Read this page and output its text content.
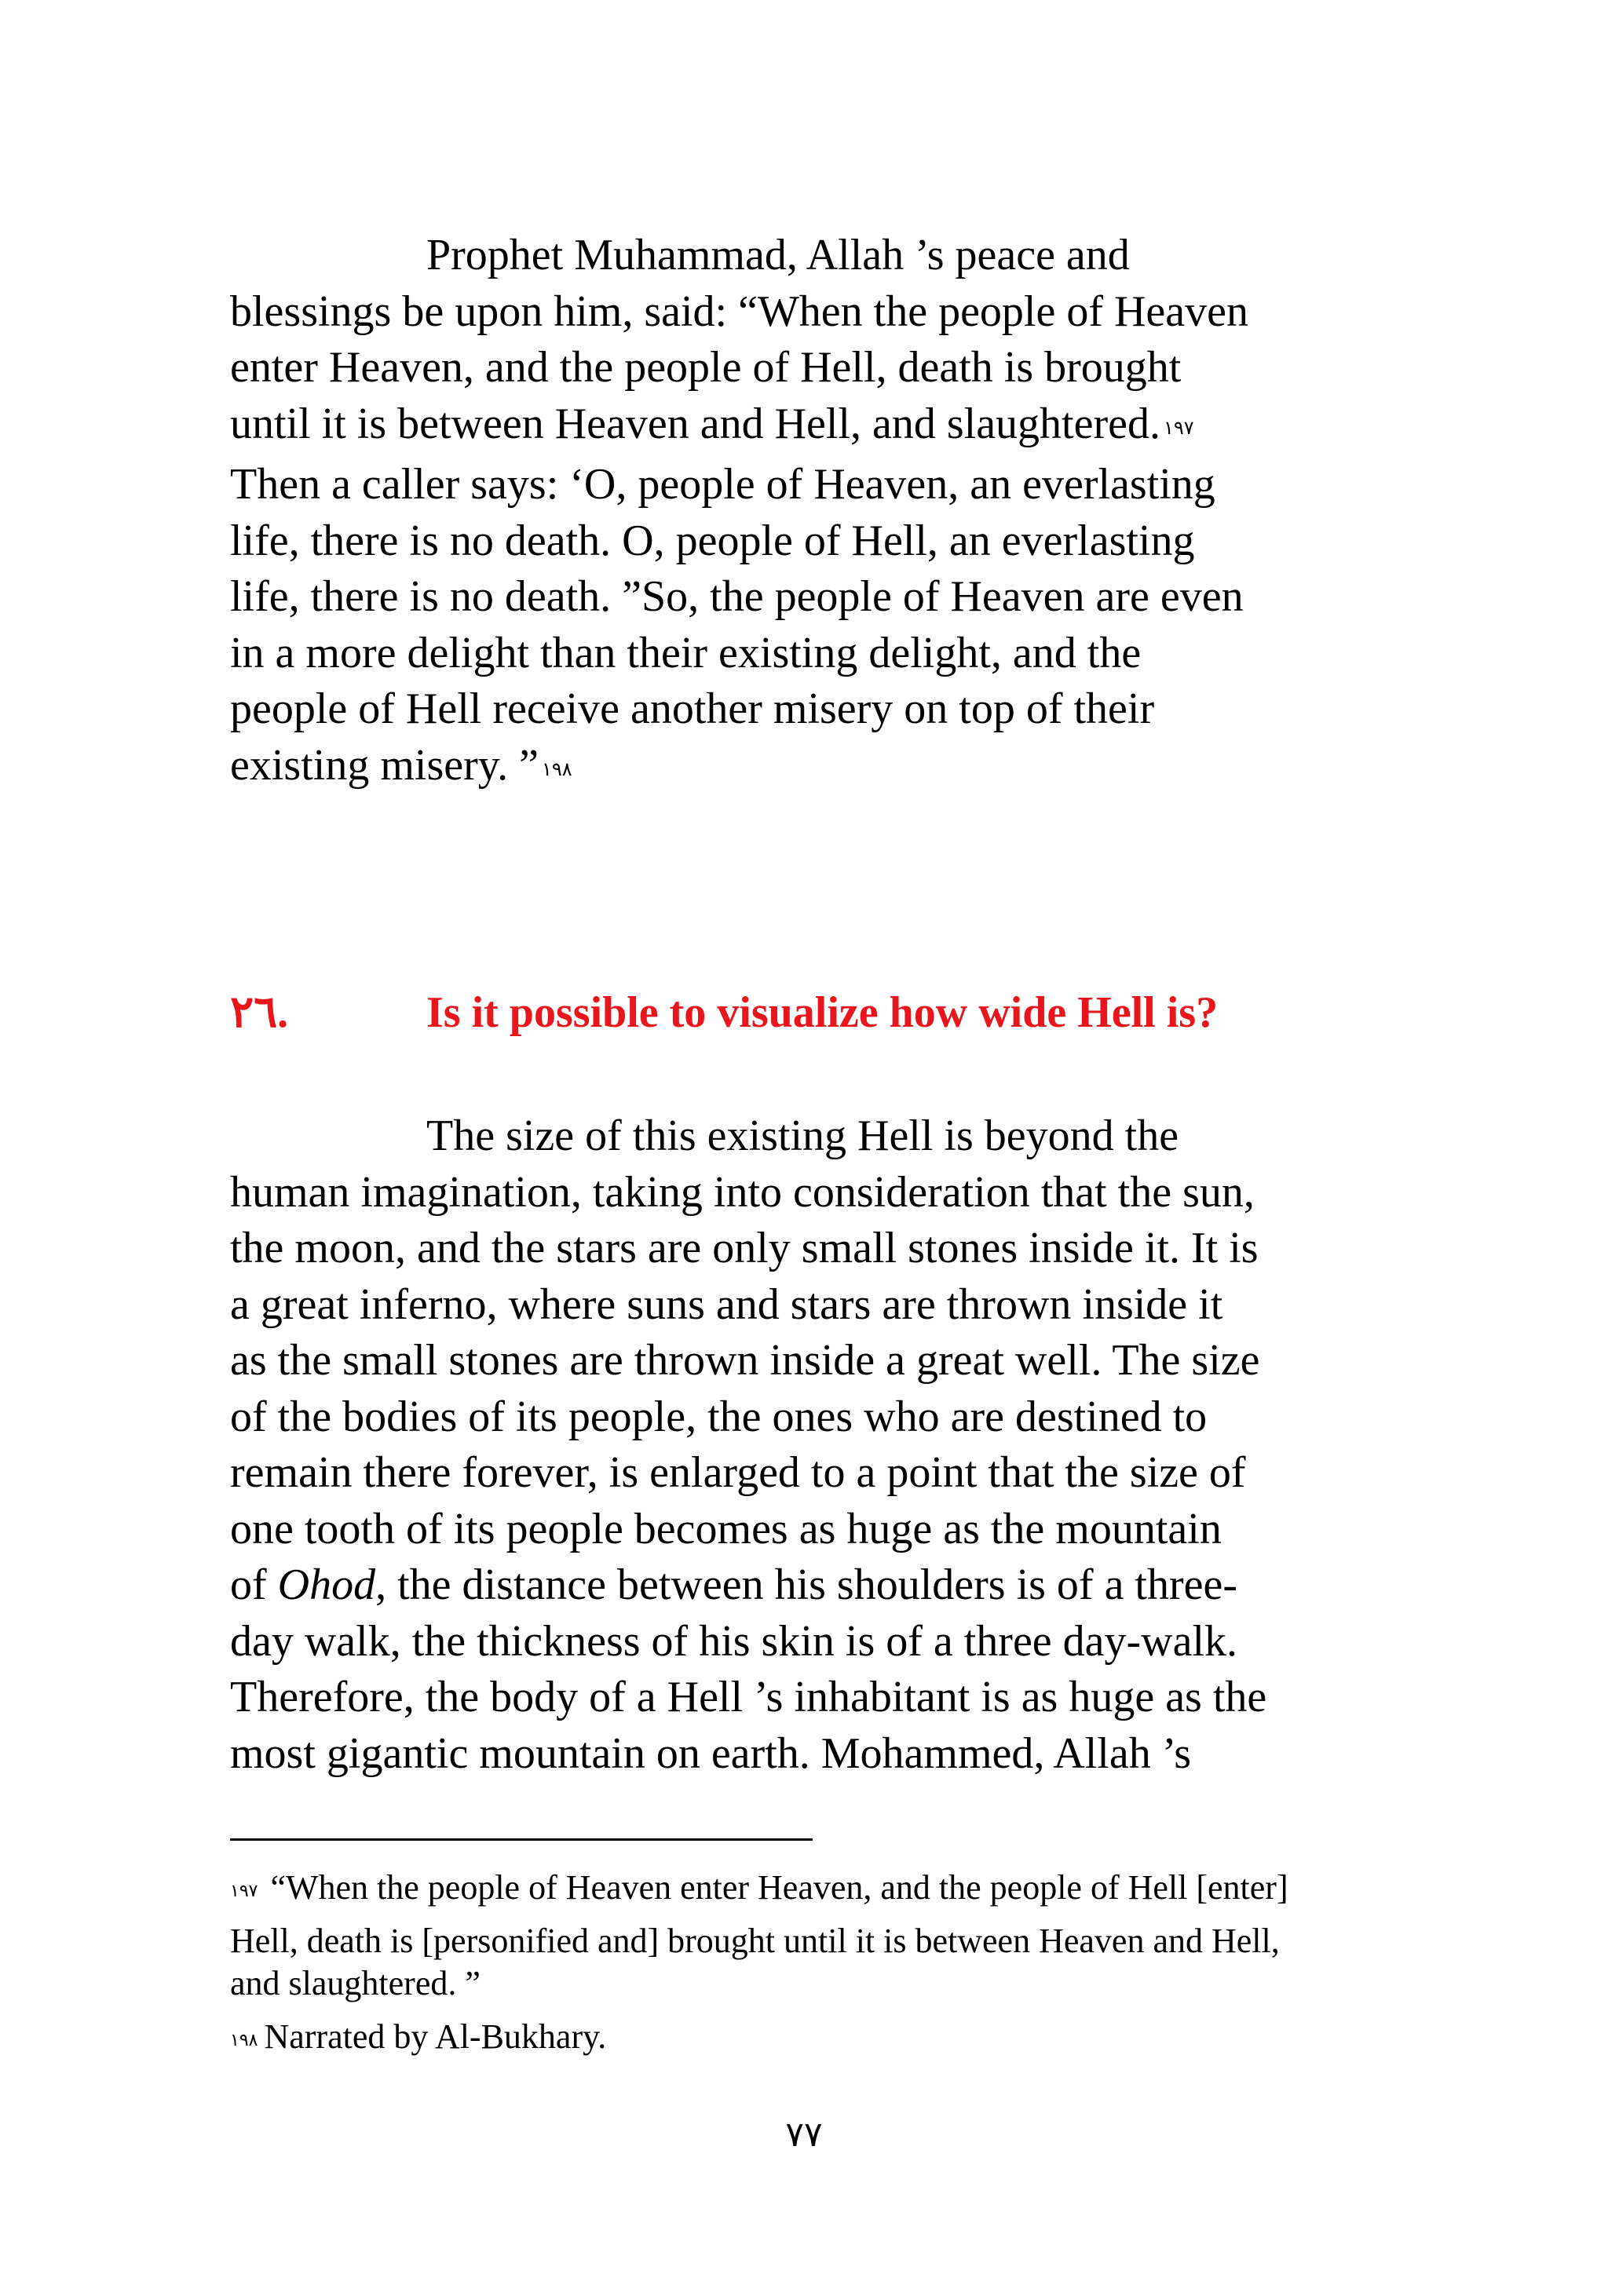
Prophet Muhammad, Allah ’s peace and
blessings be upon him, said: “When the people of Heaven
enter Heaven, and the people of Hell, death is brought
until it is between Heaven and Hell, and slaughtered. $^{١٩٧}$
Then a caller says: ‘O, people of Heaven, an everlasting
life, there is no death. O, people of Hell, an everlasting
life, there is no death. ”So, the people of Heaven are even
in a more delight than their existing delight, and the
people of Hell receive another misery on top of their
existing misery. ” $^{١٩٨}$
٢٦.	Is it possible to visualize how wide Hell is?
The size of this existing Hell is beyond the
human imagination, taking into consideration that the sun,
the moon, and the stars are only small stones inside it. It is
a great inferno, where suns and stars are thrown inside it
as the small stones are thrown inside a great well. The size
of the bodies of its people, the ones who are destined to
remain there forever, is enlarged to a point that the size of
one tooth of its people becomes as huge as the mountain
of Ohod, the distance between his shoulders is of a three-
day walk, the thickness of his skin is of a three day-walk.
Therefore, the body of a Hell ’s inhabitant is as huge as the
most gigantic mountain on earth. Mohammed, Allah ’s
$^{١٩٧}$ “When the people of Heaven enter Heaven, and the people of Hell [enter]
Hell, death is [personified and] brought until it is between Heaven and Hell,
and slaughtered. ”
$^{١٩٨}$ Narrated by Al-Bukhary.
٧٧
